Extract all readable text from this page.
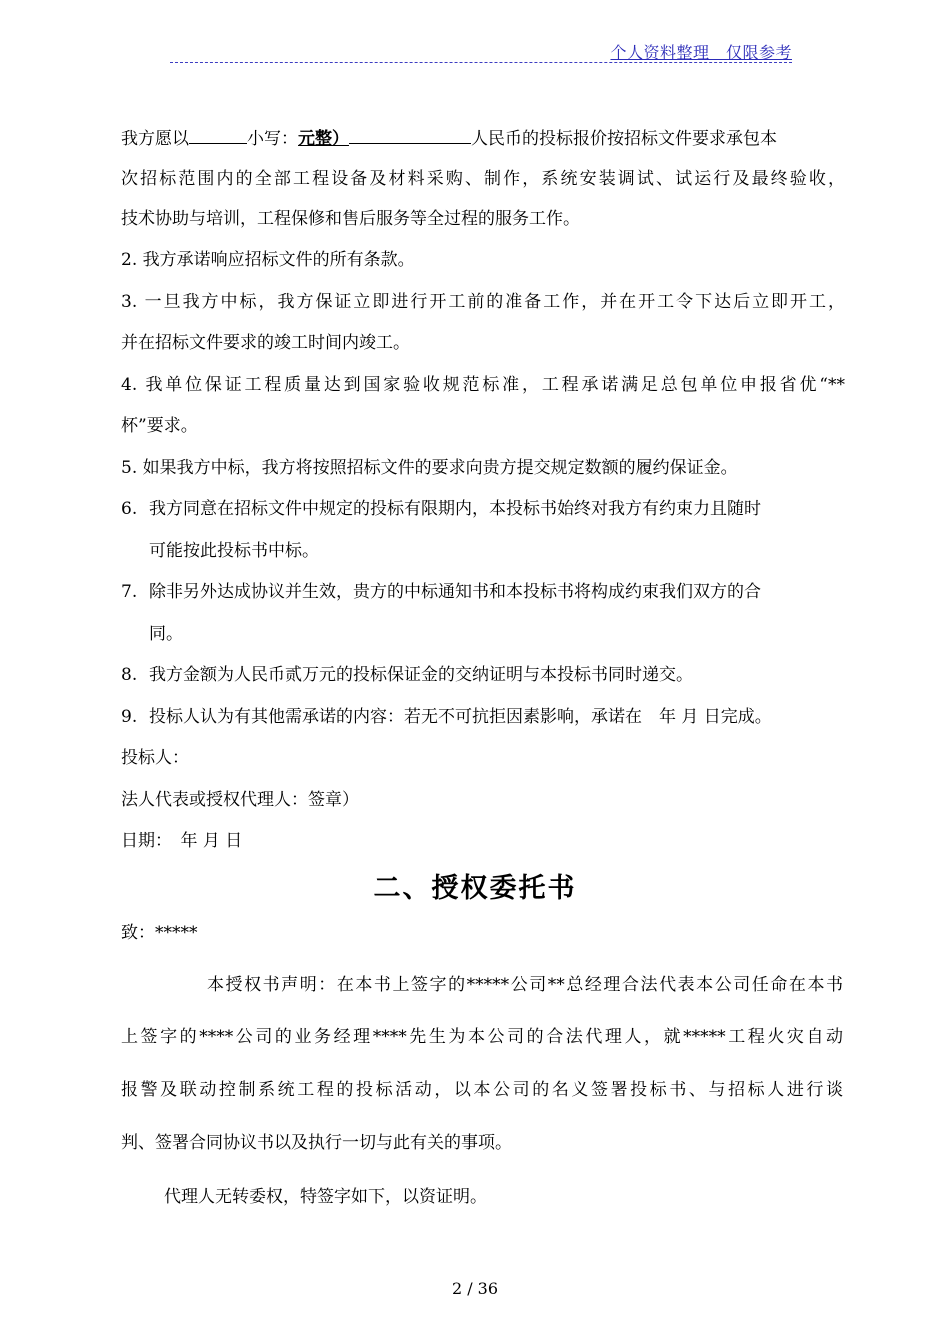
个人资料整理　仅限参考
我方愿以	小写：元整）	人民币的投标报价按招标文件要求承包本
次招标范围内的全部工程设备及材料采购、制作，系统安装调试、试运行及最终验收，
技术协助与培训，工程保修和售后服务等全过程的服务工作。
2. 我方承诺响应招标文件的所有条款。
3. 一旦我方中标，我方保证立即进行开工前的准备工作，并在开工令下达后立即开工，
并在招标文件要求的竣工时间内竣工。
4. 我单位保证工程质量达到国家验收规范标准，工程承诺满足总包单位申报省优“**
杯”要求。
5. 如果我方中标，我方将按照招标文件的要求向贵方提交规定数额的履约保证金。
6. 我方同意在招标文件中规定的投标有限期内，本投标书始终对我方有约束力且随时
可能按此投标书中标。
7. 除非另外达成协议并生效，贵方的中标通知书和本投标书将构成约束我们双方的合
同。
8. 我方金额为人民币贰万元的投标保证金的交纳证明与本投标书同时递交。
9. 投标人认为有其他需承诺的内容：若无不可抗拒因素影响，承诺在　年 月 日完成。
投标人：
法人代表或授权代理人：签章）
日期：　年 月 日
二、授权委托书
致：*****
本授权书声明：在本书上签字的*****公司**总经理合法代表本公司任命在本书
上签字的****公司的业务经理****先生为本公司的合法代理人，就*****工程火灾自动
报警及联动控制系统工程的投标活动，以本公司的名义签署投标书、与招标人进行谈
判、签署合同协议书以及执行一切与此有关的事项。
代理人无转委权，特签字如下，以资证明。
2 / 36
